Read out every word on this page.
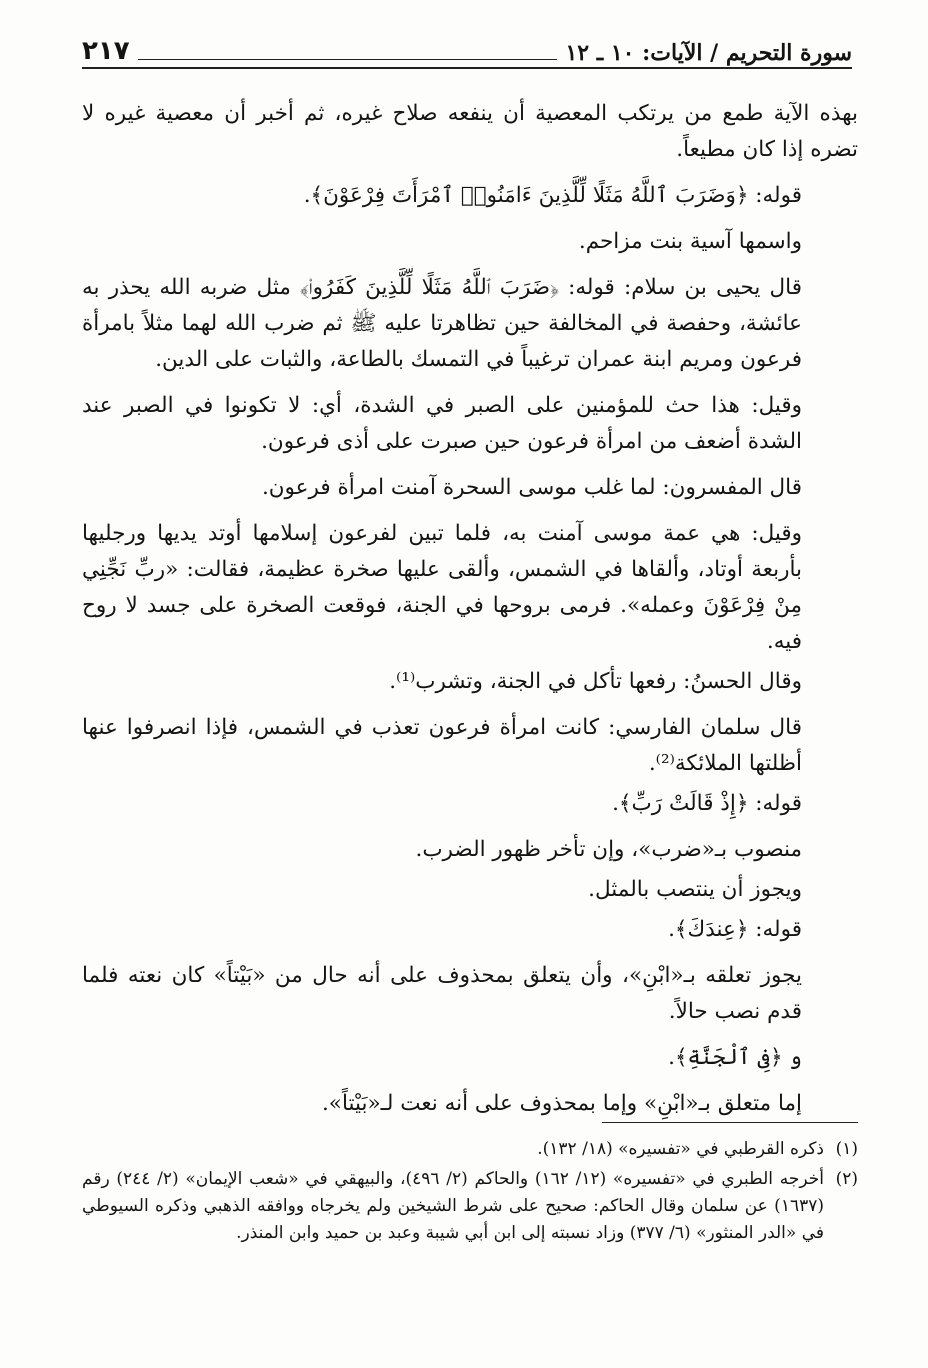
سورة التحريم / الآيات: ١٠ ـ ١٢
٢١٧

بهذه الآية طمع من يرتكب المعصية أن ينفعه صلاح غيره، ثم أخبر أن معصية غيره لا تضره إذا كان مطيعاً.

قوله: ﴿وَضَرَبَ ٱللَّهُ مَثَلًا لِّلَّذِينَ ءَامَنُوا۟ ٱمْرَأَتَ فِرْعَوْنَ﴾.

واسمها آسية بنت مزاحم.

قال يحيى بن سلام: قوله: ﴿ضَرَبَ ٱللَّهُ مَثَلًا لِّلَّذِينَ كَفَرُوا۟﴾ مثل ضربه الله يحذر به عائشة، وحفصة في المخالفة حين تظاهرتا عليه ﷺ ثم ضرب الله لهما مثلاً بامرأة فرعون ومريم ابنة عمران ترغيباً في التمسك بالطاعة، والثبات على الدين.

وقيل: هذا حث للمؤمنين على الصبر في الشدة، أي: لا تكونوا في الصبر عند الشدة أضعف من امرأة فرعون حين صبرت على أذى فرعون.

قال المفسرون: لما غلب موسى السحرة آمنت امرأة فرعون.

وقيل: هي عمة موسى آمنت به، فلما تبين لفرعون إسلامها أوتد يديها ورجليها بأربعة أوتاد، وألقاها في الشمس، وألقى عليها صخرة عظيمة، فقالت: «ربِّ نَجِّنِي مِنْ فِرْعَوْنَ وعمله». فرمى بروحها في الجنة، فوقعت الصخرة على جسد لا روح فيه.

وقال الحسنُ: رفعها تأكل في الجنة، وتشرب⁽¹⁾.

قال سلمان الفارسي: كانت امرأة فرعون تعذب في الشمس، فإذا انصرفوا عنها أظلتها الملائكة⁽²⁾.

قوله: ﴿إِذْ قَالَتْ رَبِّ﴾.

منصوب بـ«ضرب»، وإن تأخر ظهور الضرب.

ويجوز أن ينتصب بالمثل.

قوله: ﴿عِندَكَ﴾.

يجوز تعلقه بـ«ابْنِ»، وأن يتعلق بمحذوف على أنه حال من «بَيْتاً» كان نعته فلما قدم نصب حالاً.

و ﴿فِى ٱلْجَنَّةِ﴾.

إما متعلق بـ«ابْنِ» وإما بمحذوف على أنه نعت لـ«بَيْتاً».

(١)
ذكره القرطبي في «تفسيره» (١٨/ ١٣٢).
(٢)
أخرجه الطبري في «تفسيره» (١٢/ ١٦٢) والحاكم (٢/ ٤٩٦)، والبيهقي في «شعب الإيمان» (٢/ ٢٤٤) رقم (١٦٣٧) عن سلمان وقال الحاكم: صحيح على شرط الشيخين ولم يخرجاه ووافقه الذهبي وذكره السيوطي في «الدر المنثور» (٦/ ٣٧٧) وزاد نسبته إلى ابن أبي شيبة وعبد بن حميد وابن المنذر.
